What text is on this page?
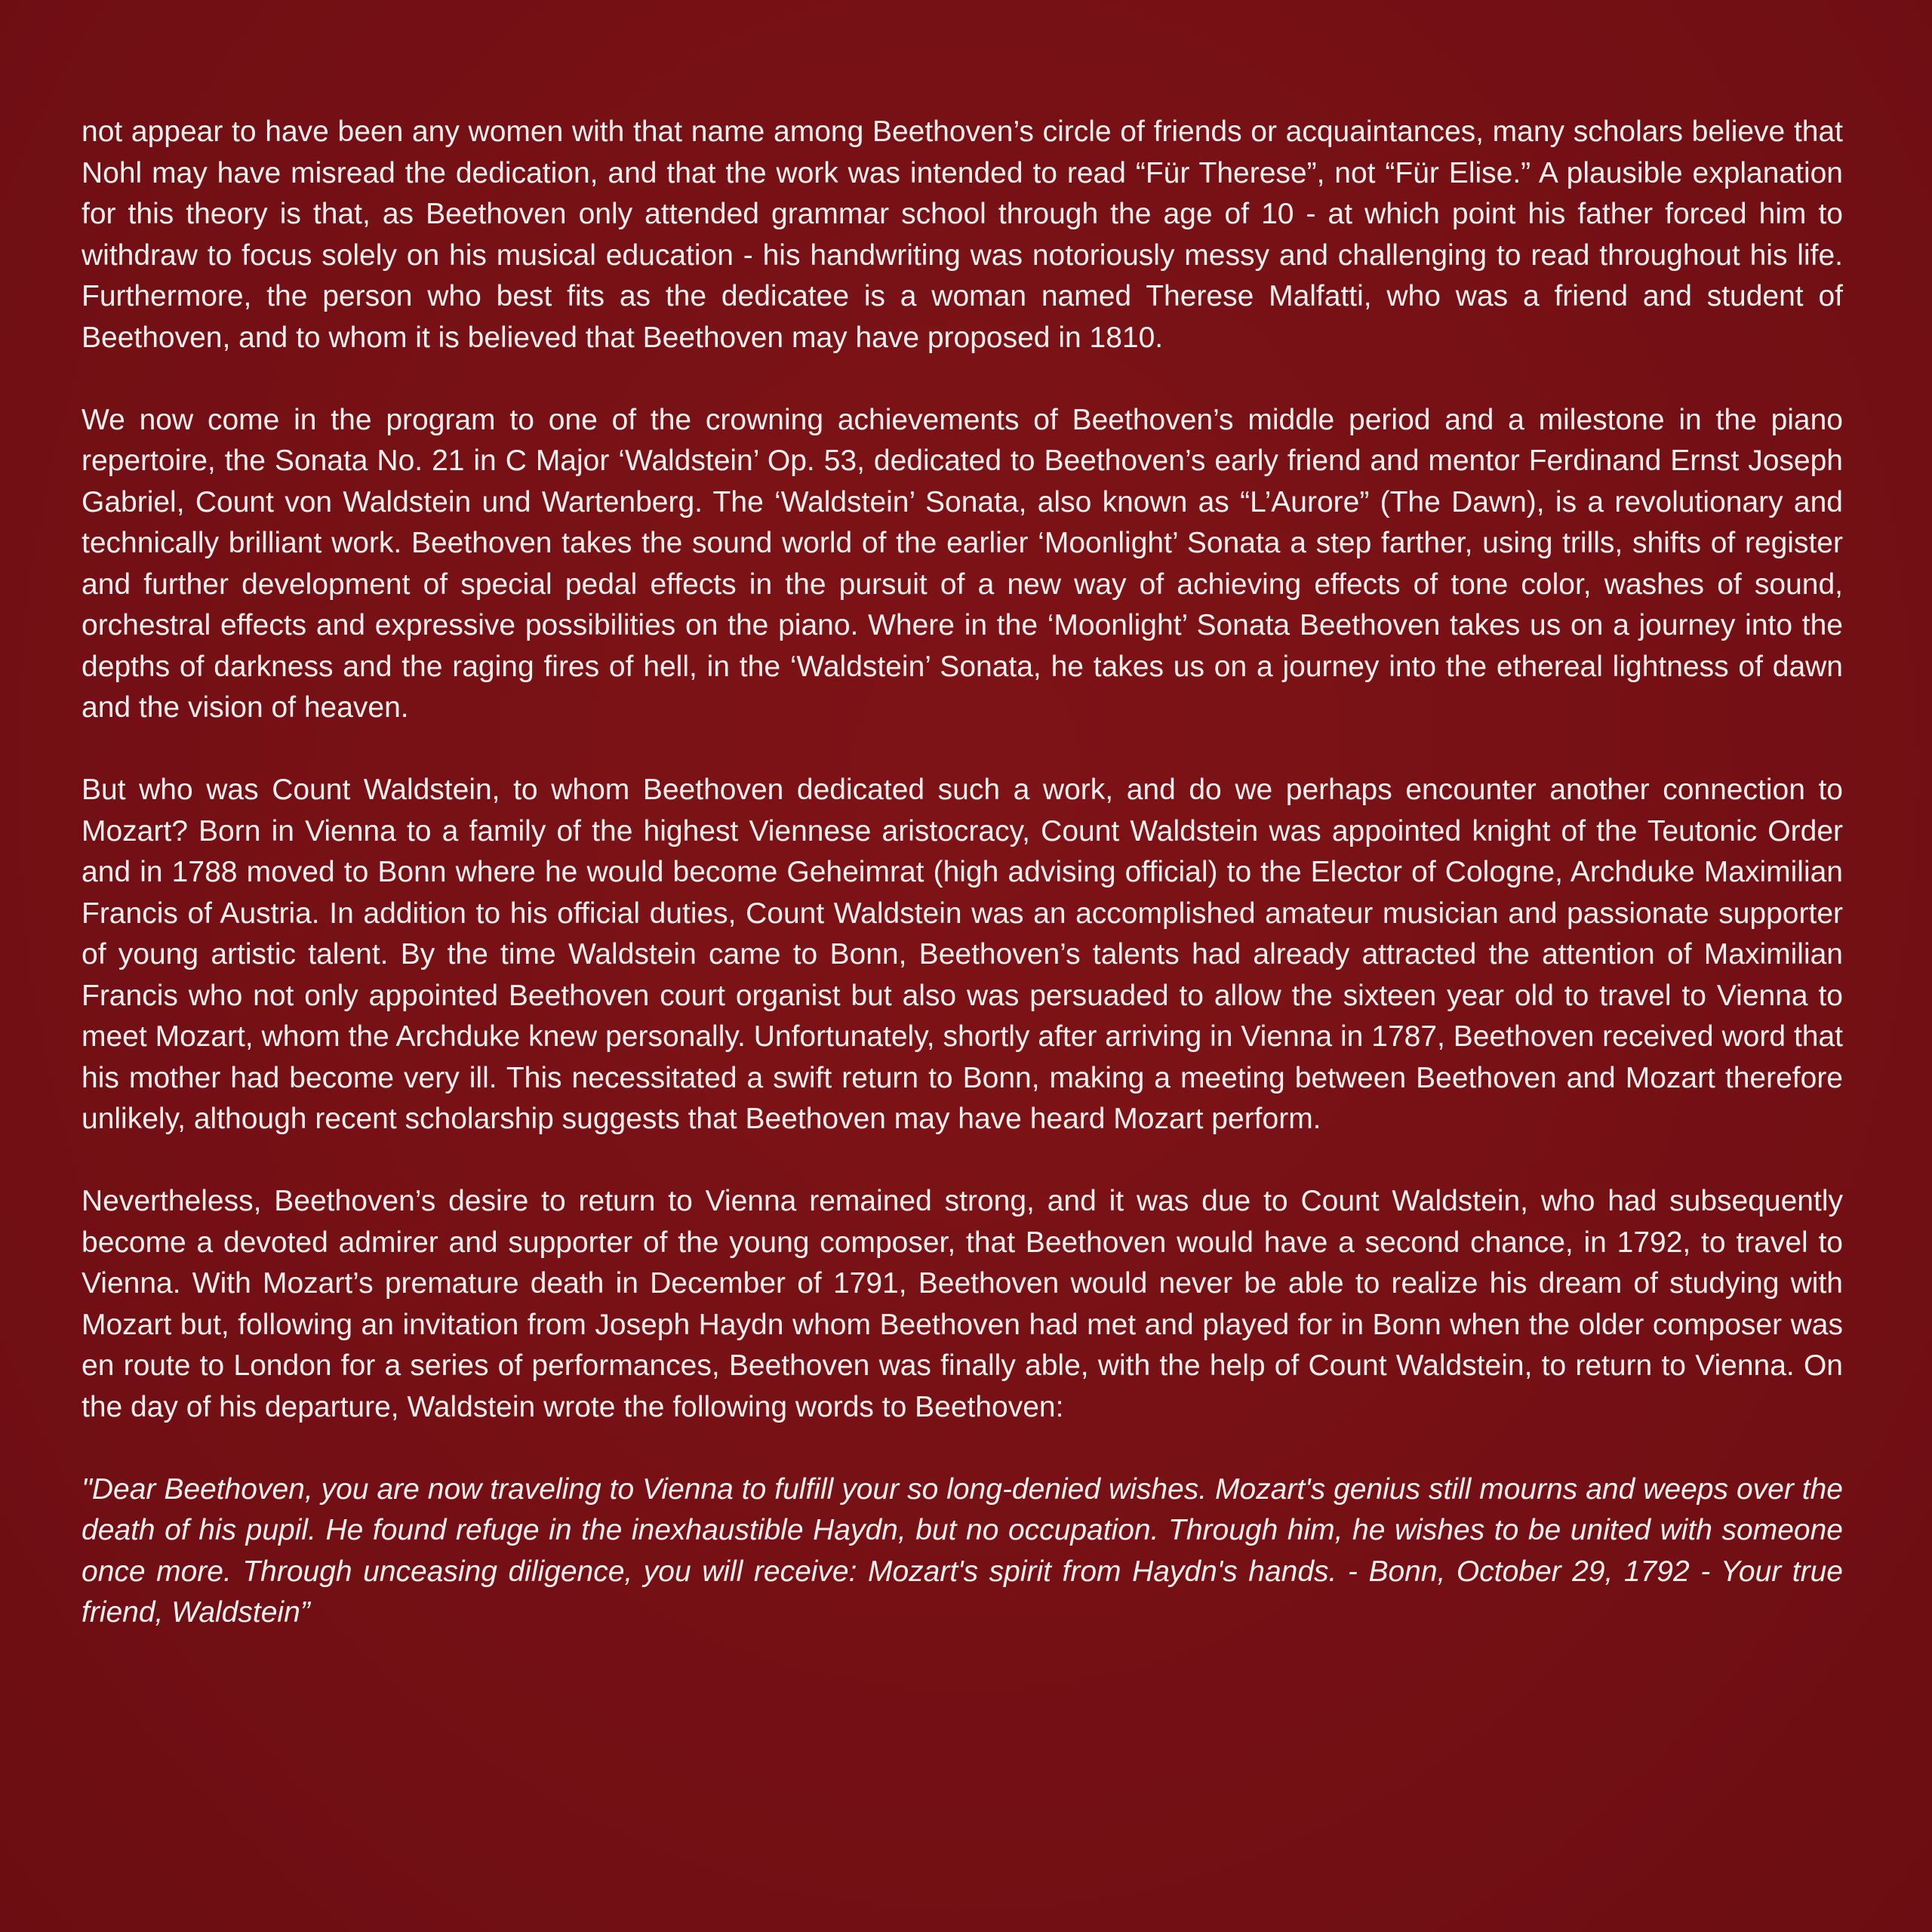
not appear to have been any women with that name among Beethoven’s circle of friends or acquaintances, many scholars believe that Nohl may have misread the dedication, and that the work was intended to read “Für Therese”, not “Für Elise.” A plausible explanation for this theory is that, as Beethoven only attended grammar school through the age of 10 - at which point his father forced him to withdraw to focus solely on his musical education - his handwriting was notoriously messy and challenging to read throughout his life. Furthermore, the person who best fits as the dedicatee is a woman named Therese Malfatti, who was a friend and student of Beethoven, and to whom it is believed that Beethoven may have proposed in 1810.

We now come in the program to one of the crowning achievements of Beethoven’s middle period and a milestone in the piano repertoire, the Sonata No. 21 in C Major ‘Waldstein’ Op. 53, dedicated to Beethoven’s early friend and mentor Ferdinand Ernst Joseph Gabriel, Count von Waldstein und Wartenberg. The ‘Waldstein’ Sonata, also known as “L’Aurore” (The Dawn), is a revolutionary and technically brilliant work. Beethoven takes the sound world of the earlier ‘Moonlight’ Sonata a step farther, using trills, shifts of register and further development of special pedal effects in the pursuit of a new way of achieving effects of tone color, washes of sound, orchestral effects and expressive possibilities on the piano. Where in the ‘Moonlight’ Sonata Beethoven takes us on a journey into the depths of darkness and the raging fires of hell, in the ‘Waldstein’ Sonata, he takes us on a journey into the ethereal lightness of dawn and the vision of heaven.

But who was Count Waldstein, to whom Beethoven dedicated such a work, and do we perhaps encounter another connection to Mozart? Born in Vienna to a family of the highest Viennese aristocracy, Count Waldstein was appointed knight of the Teutonic Order and in 1788 moved to Bonn where he would become Geheimrat (high advising official) to the Elector of Cologne, Archduke Maximilian Francis of Austria. In addition to his official duties, Count Waldstein was an accomplished amateur musician and passionate supporter of young artistic talent. By the time Waldstein came to Bonn, Beethoven’s talents had already attracted the attention of Maximilian Francis who not only appointed Beethoven court organist but also was persuaded to allow the sixteen year old to travel to Vienna to meet Mozart, whom the Archduke knew personally. Unfortunately, shortly after arriving in Vienna in 1787, Beethoven received word that his mother had become very ill. This necessitated a swift return to Bonn, making a meeting between Beethoven and Mozart therefore unlikely, although recent scholarship suggests that Beethoven may have heard Mozart perform.

Nevertheless, Beethoven’s desire to return to Vienna remained strong, and it was due to Count Waldstein, who had subsequently become a devoted admirer and supporter of the young composer, that Beethoven would have a second chance, in 1792, to travel to Vienna. With Mozart’s premature death in December of 1791, Beethoven would never be able to realize his dream of studying with Mozart but, following an invitation from Joseph Haydn whom Beethoven had met and played for in Bonn when the older composer was en route to London for a series of performances, Beethoven was finally able, with the help of Count Waldstein, to return to Vienna. On the day of his departure, Waldstein wrote the following words to Beethoven:

"Dear Beethoven, you are now traveling to Vienna to fulfill your so long-denied wishes. Mozart's genius still mourns and weeps over the death of his pupil. He found refuge in the inexhaustible Haydn, but no occupation. Through him, he wishes to be united with someone once more. Through unceasing diligence, you will receive: Mozart's spirit from Haydn's hands. - Bonn, October 29, 1792 - Your true friend, Waldstein”
